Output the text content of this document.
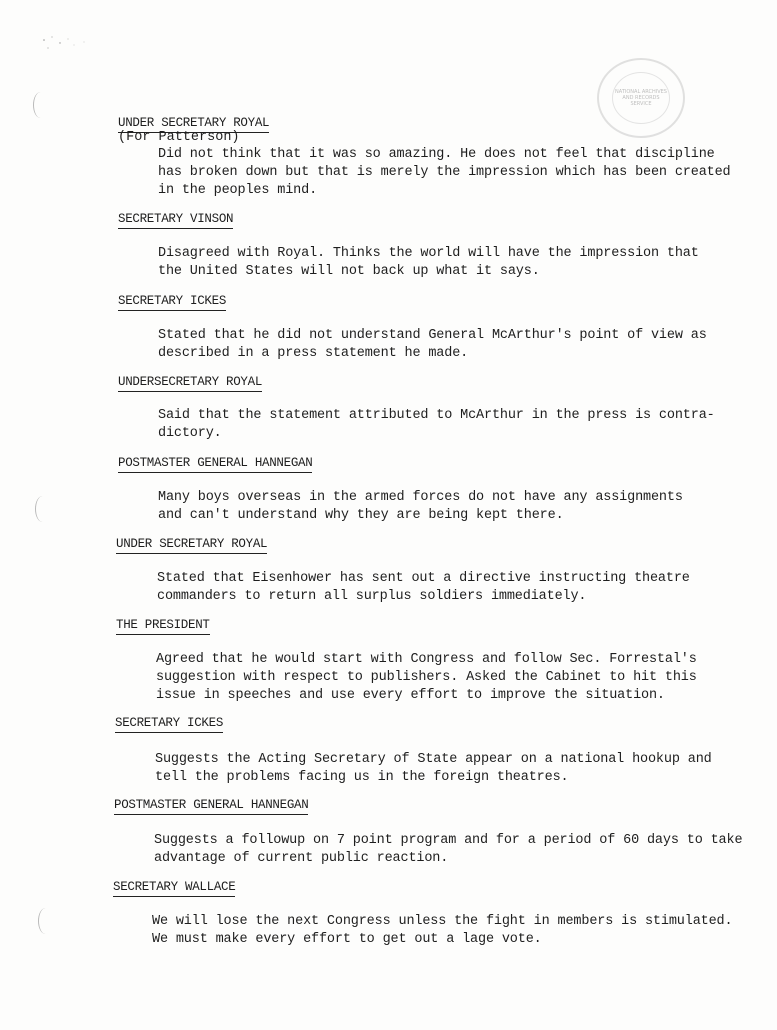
NATIONAL ARCHIVES AND RECORDS SERVICE
UNDER SECRETARY ROYAL
(For Patterson)
Did not think that it was so amazing. He does not feel that discipline
has broken down but that is merely the impression which has been created
in the peoples mind.
SECRETARY VINSON
Disagreed with Royal. Thinks the world will have the impression that
the United States will not back up what it says.
SECRETARY ICKES
Stated that he did not understand General McArthur's point of view as
described in a press statement he made.
UNDERSECRETARY ROYAL
Said that the statement attributed to McArthur in the press is contra-
dictory.
POSTMASTER GENERAL HANNEGAN
Many boys overseas in the armed forces do not have any assignments
and can't understand why they are being kept there.
UNDER SECRETARY ROYAL
Stated that Eisenhower has sent out a directive instructing theatre
commanders to return all surplus soldiers immediately.
THE PRESIDENT
Agreed that he would start with Congress and follow Sec. Forrestal's
suggestion with respect to publishers. Asked the Cabinet to hit this
issue in speeches and use every effort to improve the situation.
SECRETARY ICKES
Suggests the Acting Secretary of State appear on a national hookup and
tell the problems facing us in the foreign theatres.
POSTMASTER GENERAL HANNEGAN
Suggests a followup on 7 point program and for a period of 60 days to take
advantage of current public reaction.
SECRETARY WALLACE
We will lose the next Congress unless the fight in members is stimulated.
We must make every effort to get out a lage vote.
